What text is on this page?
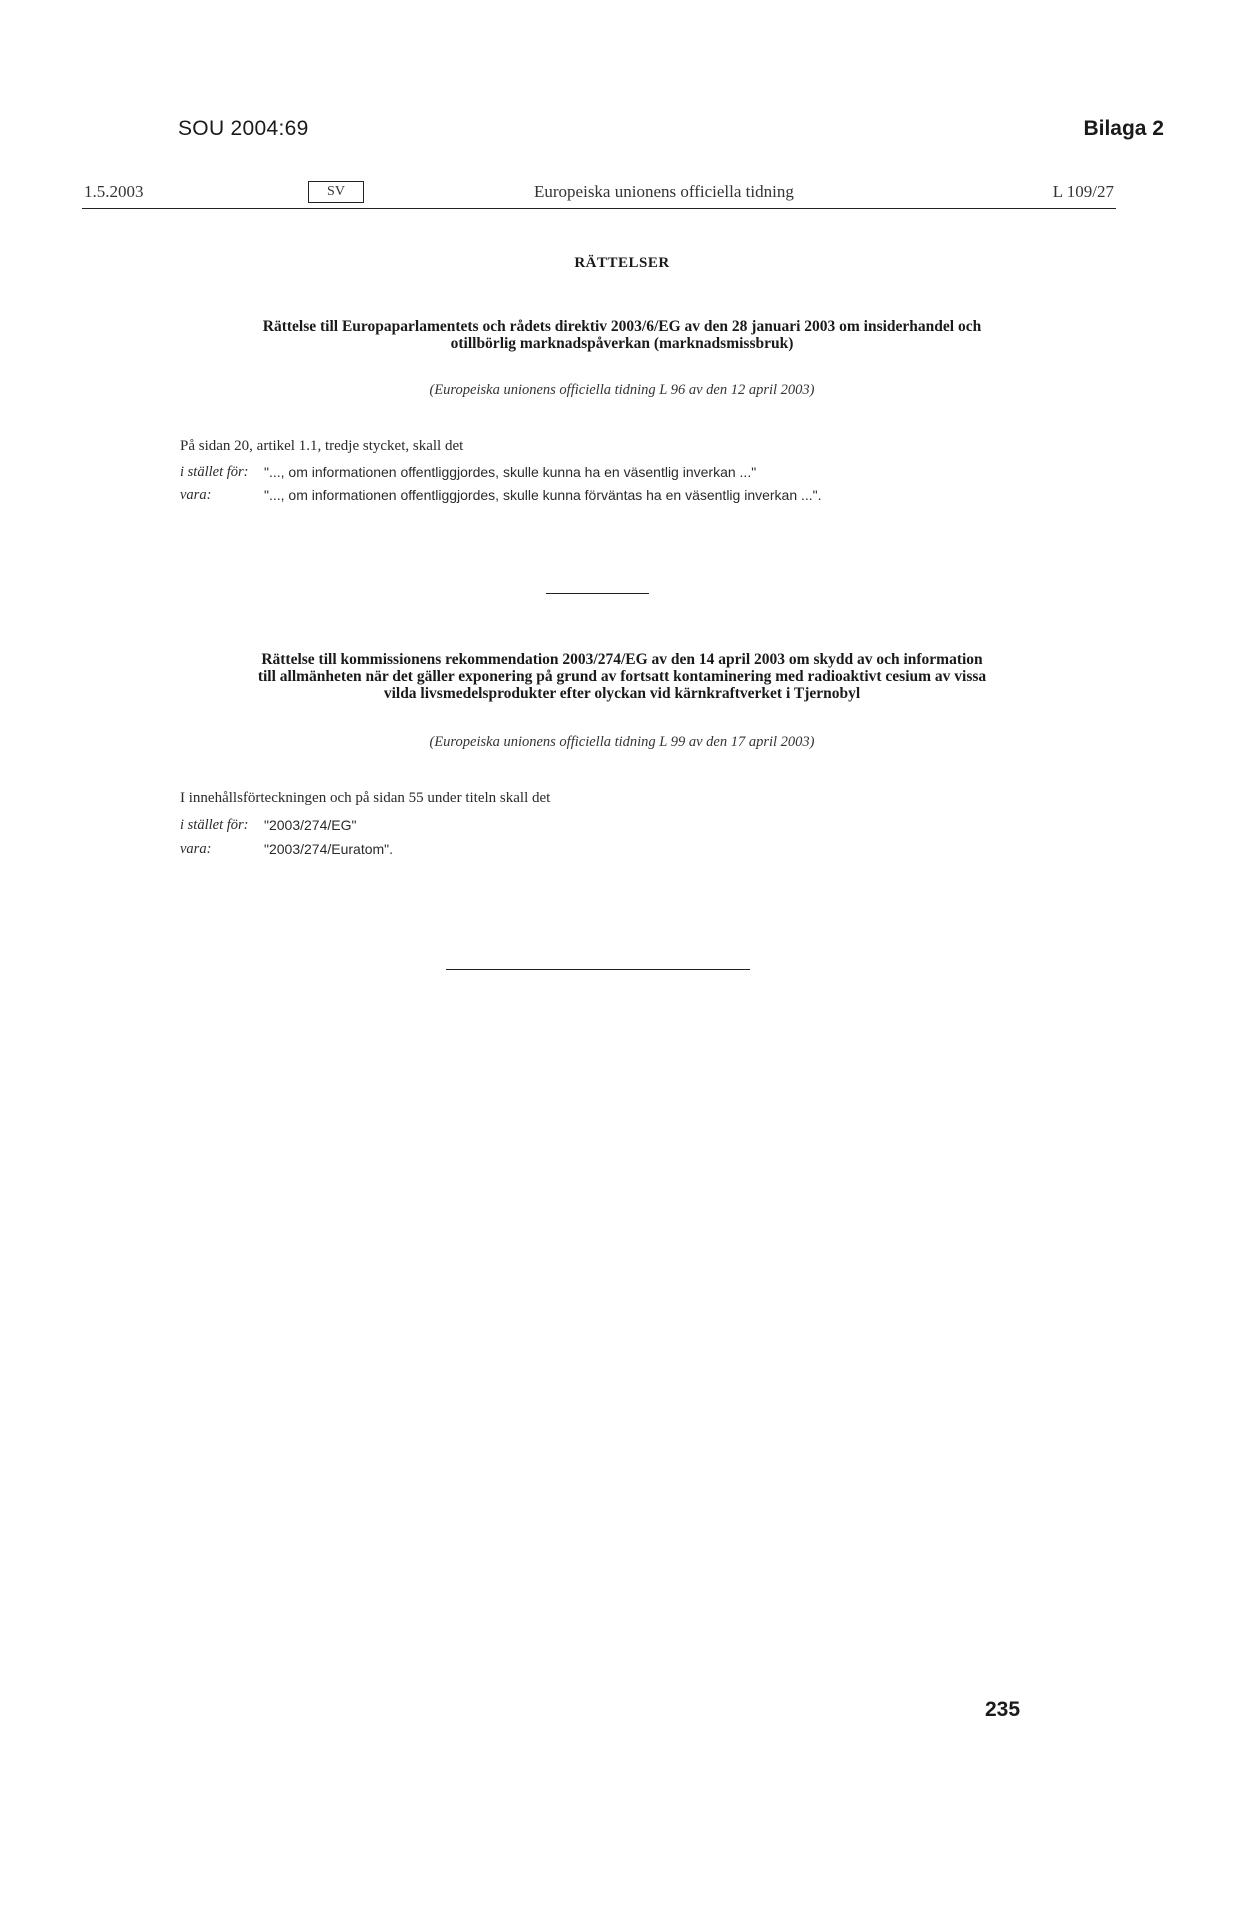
SOU 2004:69	Bilaga 2
1.5.2003	SV	Europeiska unionens officiella tidning	L 109/27
RÄTTELSER
Rättelse till Europaparlamentets och rådets direktiv 2003/6/EG av den 28 januari 2003 om insiderhandel och
otillbörlig marknadspåverkan (marknadsmissbruk)
(Europeiska unionens officiella tidning L 96 av den 12 april 2003)
På sidan 20, artikel 1.1, tredje stycket, skall det
i stället för: "..., om informationen offentliggjordes, skulle kunna ha en väsentlig inverkan ..."
vara:	"..., om informationen offentliggjordes, skulle kunna förväntas ha en väsentlig inverkan ...".
Rättelse till kommissionens rekommendation 2003/274/EG av den 14 april 2003 om skydd av och information
till allmänheten när det gäller exponering på grund av fortsatt kontaminering med radioaktivt cesium av vissa
vilda livsmedelsprodukter efter olyckan vid kärnkraftverket i Tjernobyl
(Europeiska unionens officiella tidning L 99 av den 17 april 2003)
I innehållsförteckningen och på sidan 55 under titeln skall det
i stället för: "2003/274/EG"
vara:	"2003/274/Euratom".
235
